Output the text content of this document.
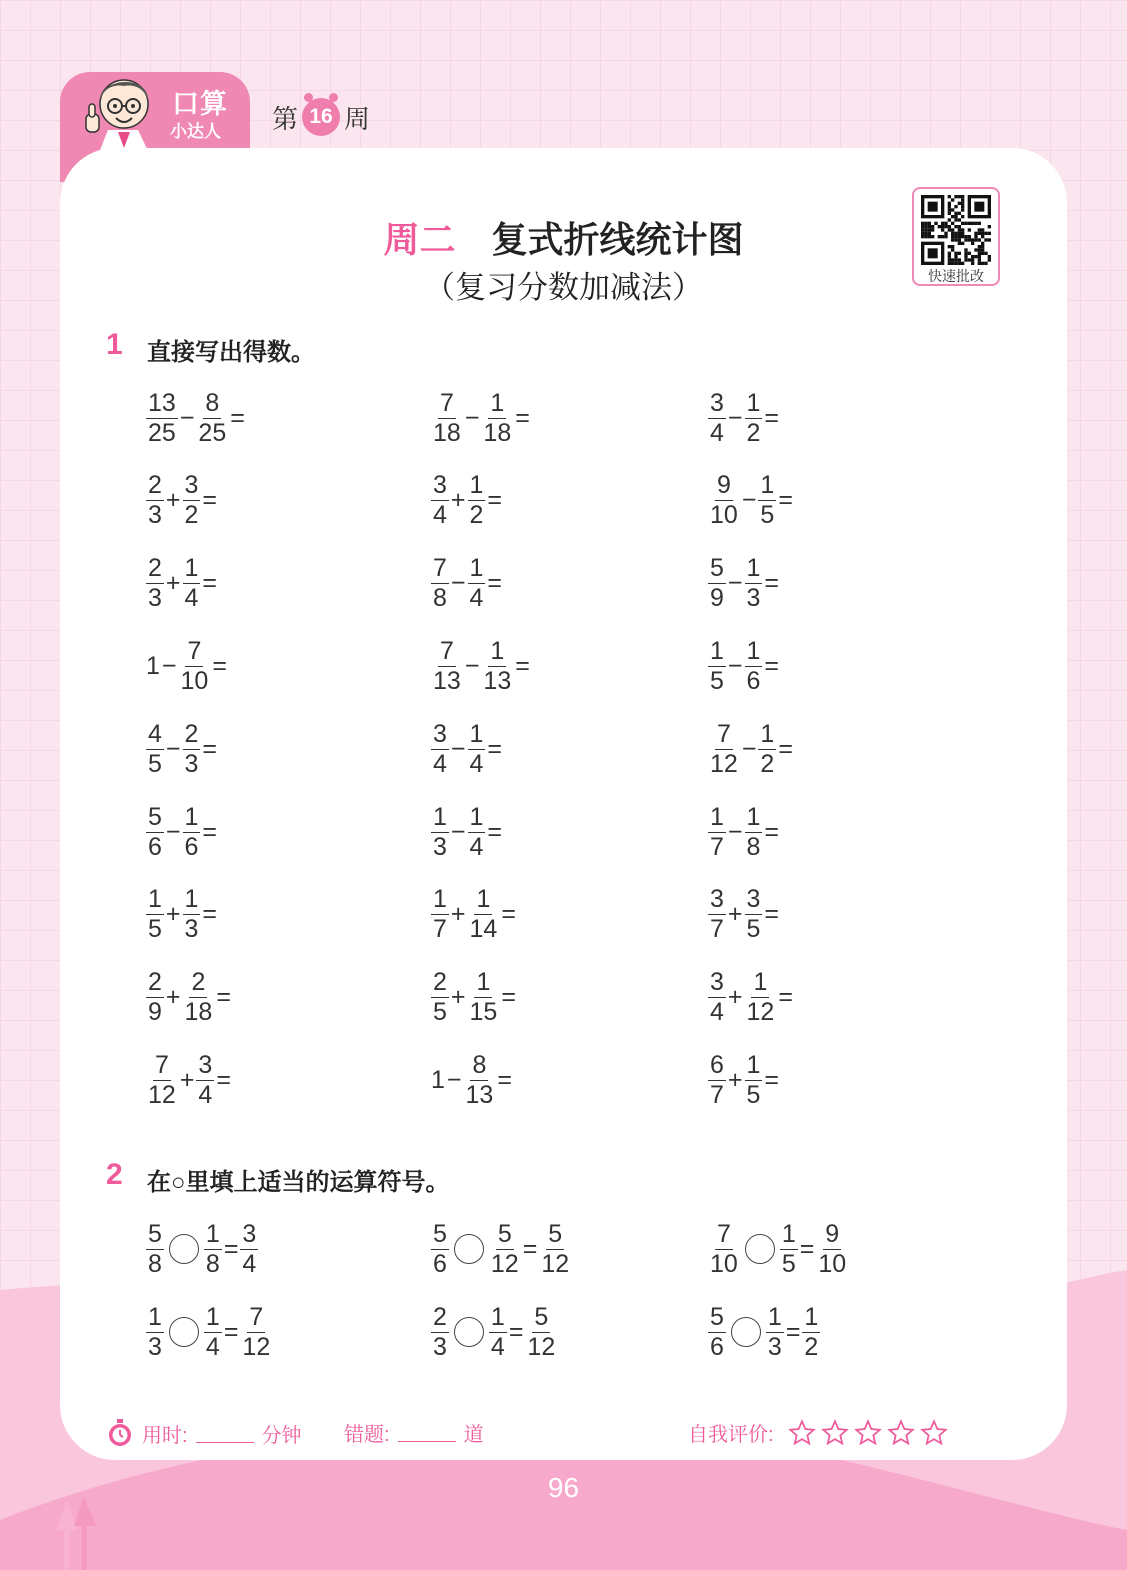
口算
小达人 第 16 周
周二 复式折线统计图
（复习分数加减法）	快速批改
1 直接写出得数。
$\frac{13}{25} - \frac{8}{25}$ =	$\frac{7}{18} - \frac{1}{18}$ =	$\frac{3}{4} - \frac{1}{2}$ =
$\frac{2}{3} + \frac{3}{2}$ =	$\frac{3}{4} + \frac{1}{2}$ =	$\frac{9}{10} - \frac{1}{5}$ =
$\frac{2}{3} + \frac{1}{4}$ =	$\frac{7}{8} - \frac{1}{4}$ =	$\frac{5}{9} - \frac{1}{3}$ =
$1 - \frac{7}{10}$ =	$\frac{7}{13} - \frac{1}{13}$ =	$\frac{1}{5} - \frac{1}{6}$ =
$\frac{4}{5} - \frac{2}{3}$ =	$\frac{3}{4} - \frac{1}{4}$ =	$\frac{7}{12} - \frac{1}{2}$ =
$\frac{5}{6} - \frac{1}{6}$ =	$\frac{1}{3} - \frac{1}{4}$ =	$\frac{1}{7} - \frac{1}{8}$ =
$\frac{1}{5} + \frac{1}{3}$ =	$\frac{1}{7} + \frac{1}{14}$ =	$\frac{3}{7} + \frac{3}{5}$ =
$\frac{2}{9} + \frac{2}{18}$ =	$\frac{2}{5} + \frac{1}{15}$ =	$\frac{3}{4} + \frac{1}{12}$ =
$\frac{7}{12} + \frac{3}{4}$ =	$1 - \frac{8}{13}$ =	$\frac{6}{7} + \frac{1}{5}$ =
2 在○里填上适当的运算符号。
$\frac{5}{8} \frac{1}{8} = \frac{3}{4}$	$\frac{5}{6} \frac{5}{12} = \frac{5}{12}$	$\frac{7}{10} \frac{1}{5} = \frac{9}{10}$
$\frac{1}{3} \frac{1}{4} = \frac{7}{12}$	$\frac{2}{3} \frac{1}{4} = \frac{5}{12}$	$\frac{5}{6} \frac{1}{3} = \frac{1}{2}$
用时:	分钟 错题:	道	自我评价:
96
